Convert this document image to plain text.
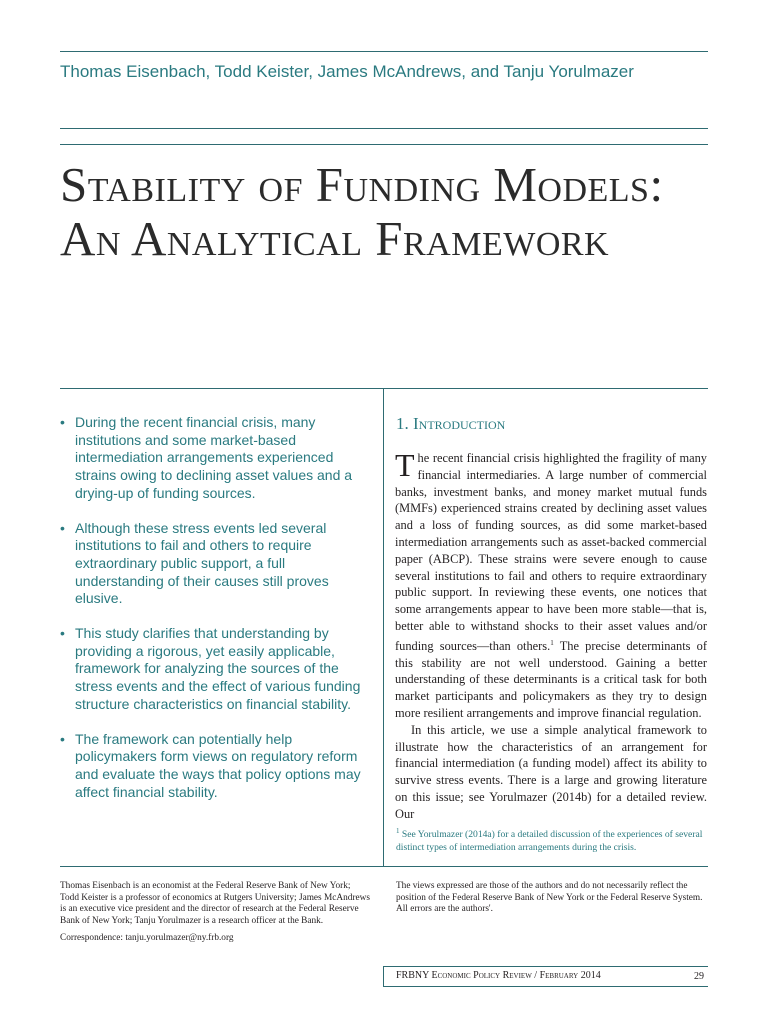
Thomas Eisenbach, Todd Keister, James McAndrews, and Tanju Yorulmazer
Stability of Funding Models: An Analytical Framework
• During the recent financial crisis, many institutions and some market-based intermediation arrangements experienced strains owing to declining asset values and a drying-up of funding sources.
• Although these stress events led several institutions to fail and others to require extraordinary public support, a full understanding of their causes still proves elusive.
• This study clarifies that understanding by providing a rigorous, yet easily applicable, framework for analyzing the sources of the stress events and the effect of various funding structure characteristics on financial stability.
• The framework can potentially help policymakers form views on regulatory reform and evaluate the ways that policy options may affect financial stability.
1. Introduction

The recent financial crisis highlighted the fragility of many financial intermediaries. A large number of commercial banks, investment banks, and money market mutual funds (MMFs) experienced strains created by declining asset values and a loss of funding sources, as did some market-based intermediation arrangements such as asset-backed commercial paper (ABCP). These strains were severe enough to cause several institutions to fail and others to require extraordinary public support. In reviewing these events, one notices that some arrangements appear to have been more stable—that is, better able to withstand shocks to their asset values and/or funding sources—than others.$^1$ The precise determinants of this stability are not well understood. Gaining a better understanding of these determinants is a critical task for both market participants and policymakers as they try to design more resilient arrangements and improve financial regulation.

In this article, we use a simple analytical framework to illustrate how the characteristics of an arrangement for financial intermediation (a funding model) affect its ability to survive stress events. There is a large and growing literature on this issue; see Yorulmazer (2014b) for a detailed review. Our

$^1$ See Yorulmazer (2014a) for a detailed discussion of the experiences of several distinct types of intermediation arrangements during the crisis.

Thomas Eisenbach is an economist at the Federal Reserve Bank of New York; Todd Keister is a professor of economics at Rutgers University; James McAndrews is an executive vice president and the director of research at the Federal Reserve Bank of New York; Tanju Yorulmazer is a research officer at the Bank.

Correspondence: tanju.yorulmazer@ny.frb.org

The views expressed are those of the authors and do not necessarily reflect the position of the Federal Reserve Bank of New York or the Federal Reserve System. All errors are the authors'.
FRBNY Economic Policy Review / February 2014	29
